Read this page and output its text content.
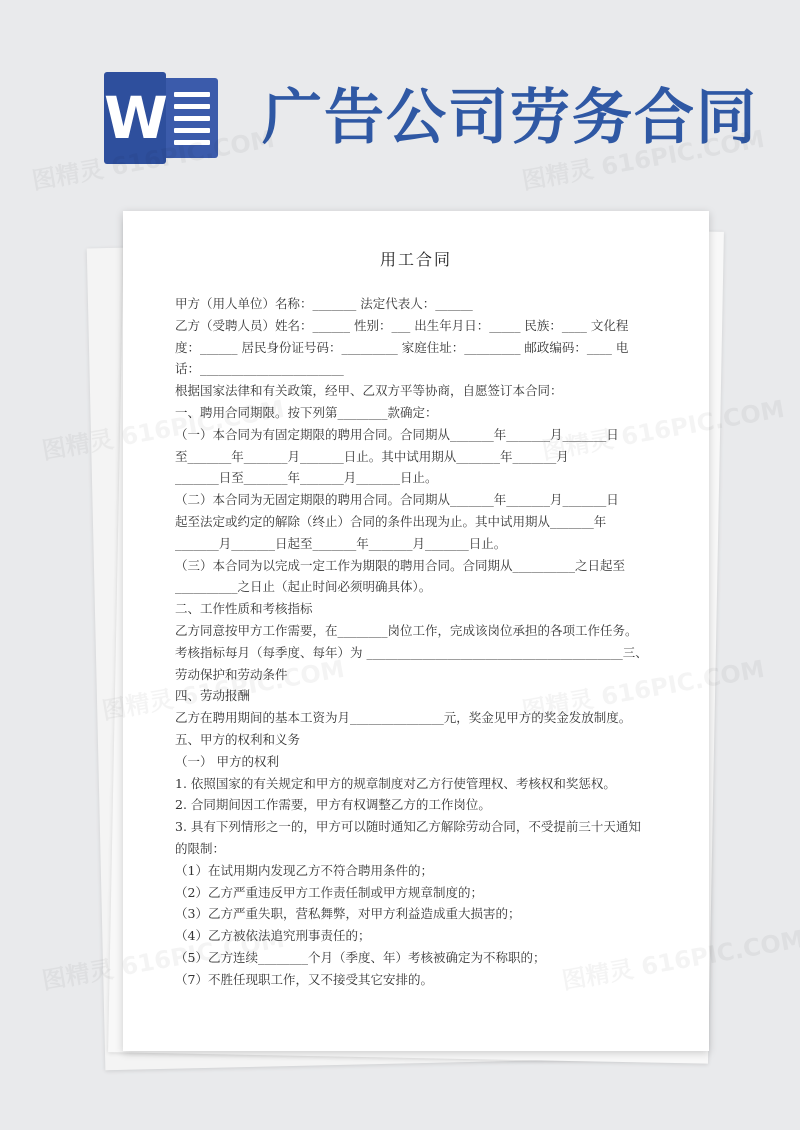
W 广告公司劳务合同
用工合同

甲方（用人单位）名称：_______ 法定代表人：______

乙方（受聘人员）姓名：______ 性别：___ 出生年月日：_____ 民族：____ 文化程

度：______ 居民身份证号码：_________ 家庭住址：_________ 邮政编码：____ 电

话：_______________________

根据国家法律和有关政策，经甲、乙双方平等协商，自愿签订本合同：

一、聘用合同期限。按下列第________款确定：

（一）本合同为有固定期限的聘用合同。合同期从_______年_______月_______日

至_______年_______月_______日止。其中试用期从_______年_______月

_______日至_______年_______月_______日止。

（二）本合同为无固定期限的聘用合同。合同期从_______年_______月_______日

起至法定或约定的解除（终止）合同的条件出现为止。其中试用期从_______年

_______月_______日起至_______年_______月_______日止。

（三）本合同为以完成一定工作为期限的聘用合同。合同期从__________之日起至

__________之日止（起止时间必须明确具体）。

二、工作性质和考核指标

乙方同意按甲方工作需要，在________岗位工作，完成该岗位承担的各项工作任务。

考核指标每月（每季度、每年）为 _________________________________________三、

劳动保护和劳动条件

四、劳动报酬

乙方在聘用期间的基本工资为月_______________元，奖金见甲方的奖金发放制度。

五、甲方的权利和义务

（一） 甲方的权利

1. 依照国家的有关规定和甲方的规章制度对乙方行使管理权、考核权和奖惩权。

2. 合同期间因工作需要，甲方有权调整乙方的工作岗位。

3. 具有下列情形之一的，甲方可以随时通知乙方解除劳动合同，不受提前三十天通知

的限制：

（1）在试用期内发现乙方不符合聘用条件的；

（2）乙方严重违反甲方工作责任制或甲方规章制度的；

（3）乙方严重失职，营私舞弊，对甲方利益造成重大损害的；

（4）乙方被依法追究刑事责任的；

（5）乙方连续________个月（季度、年）考核被确定为不称职的；

（7）不胜任现职工作，又不接受其它安排的。
